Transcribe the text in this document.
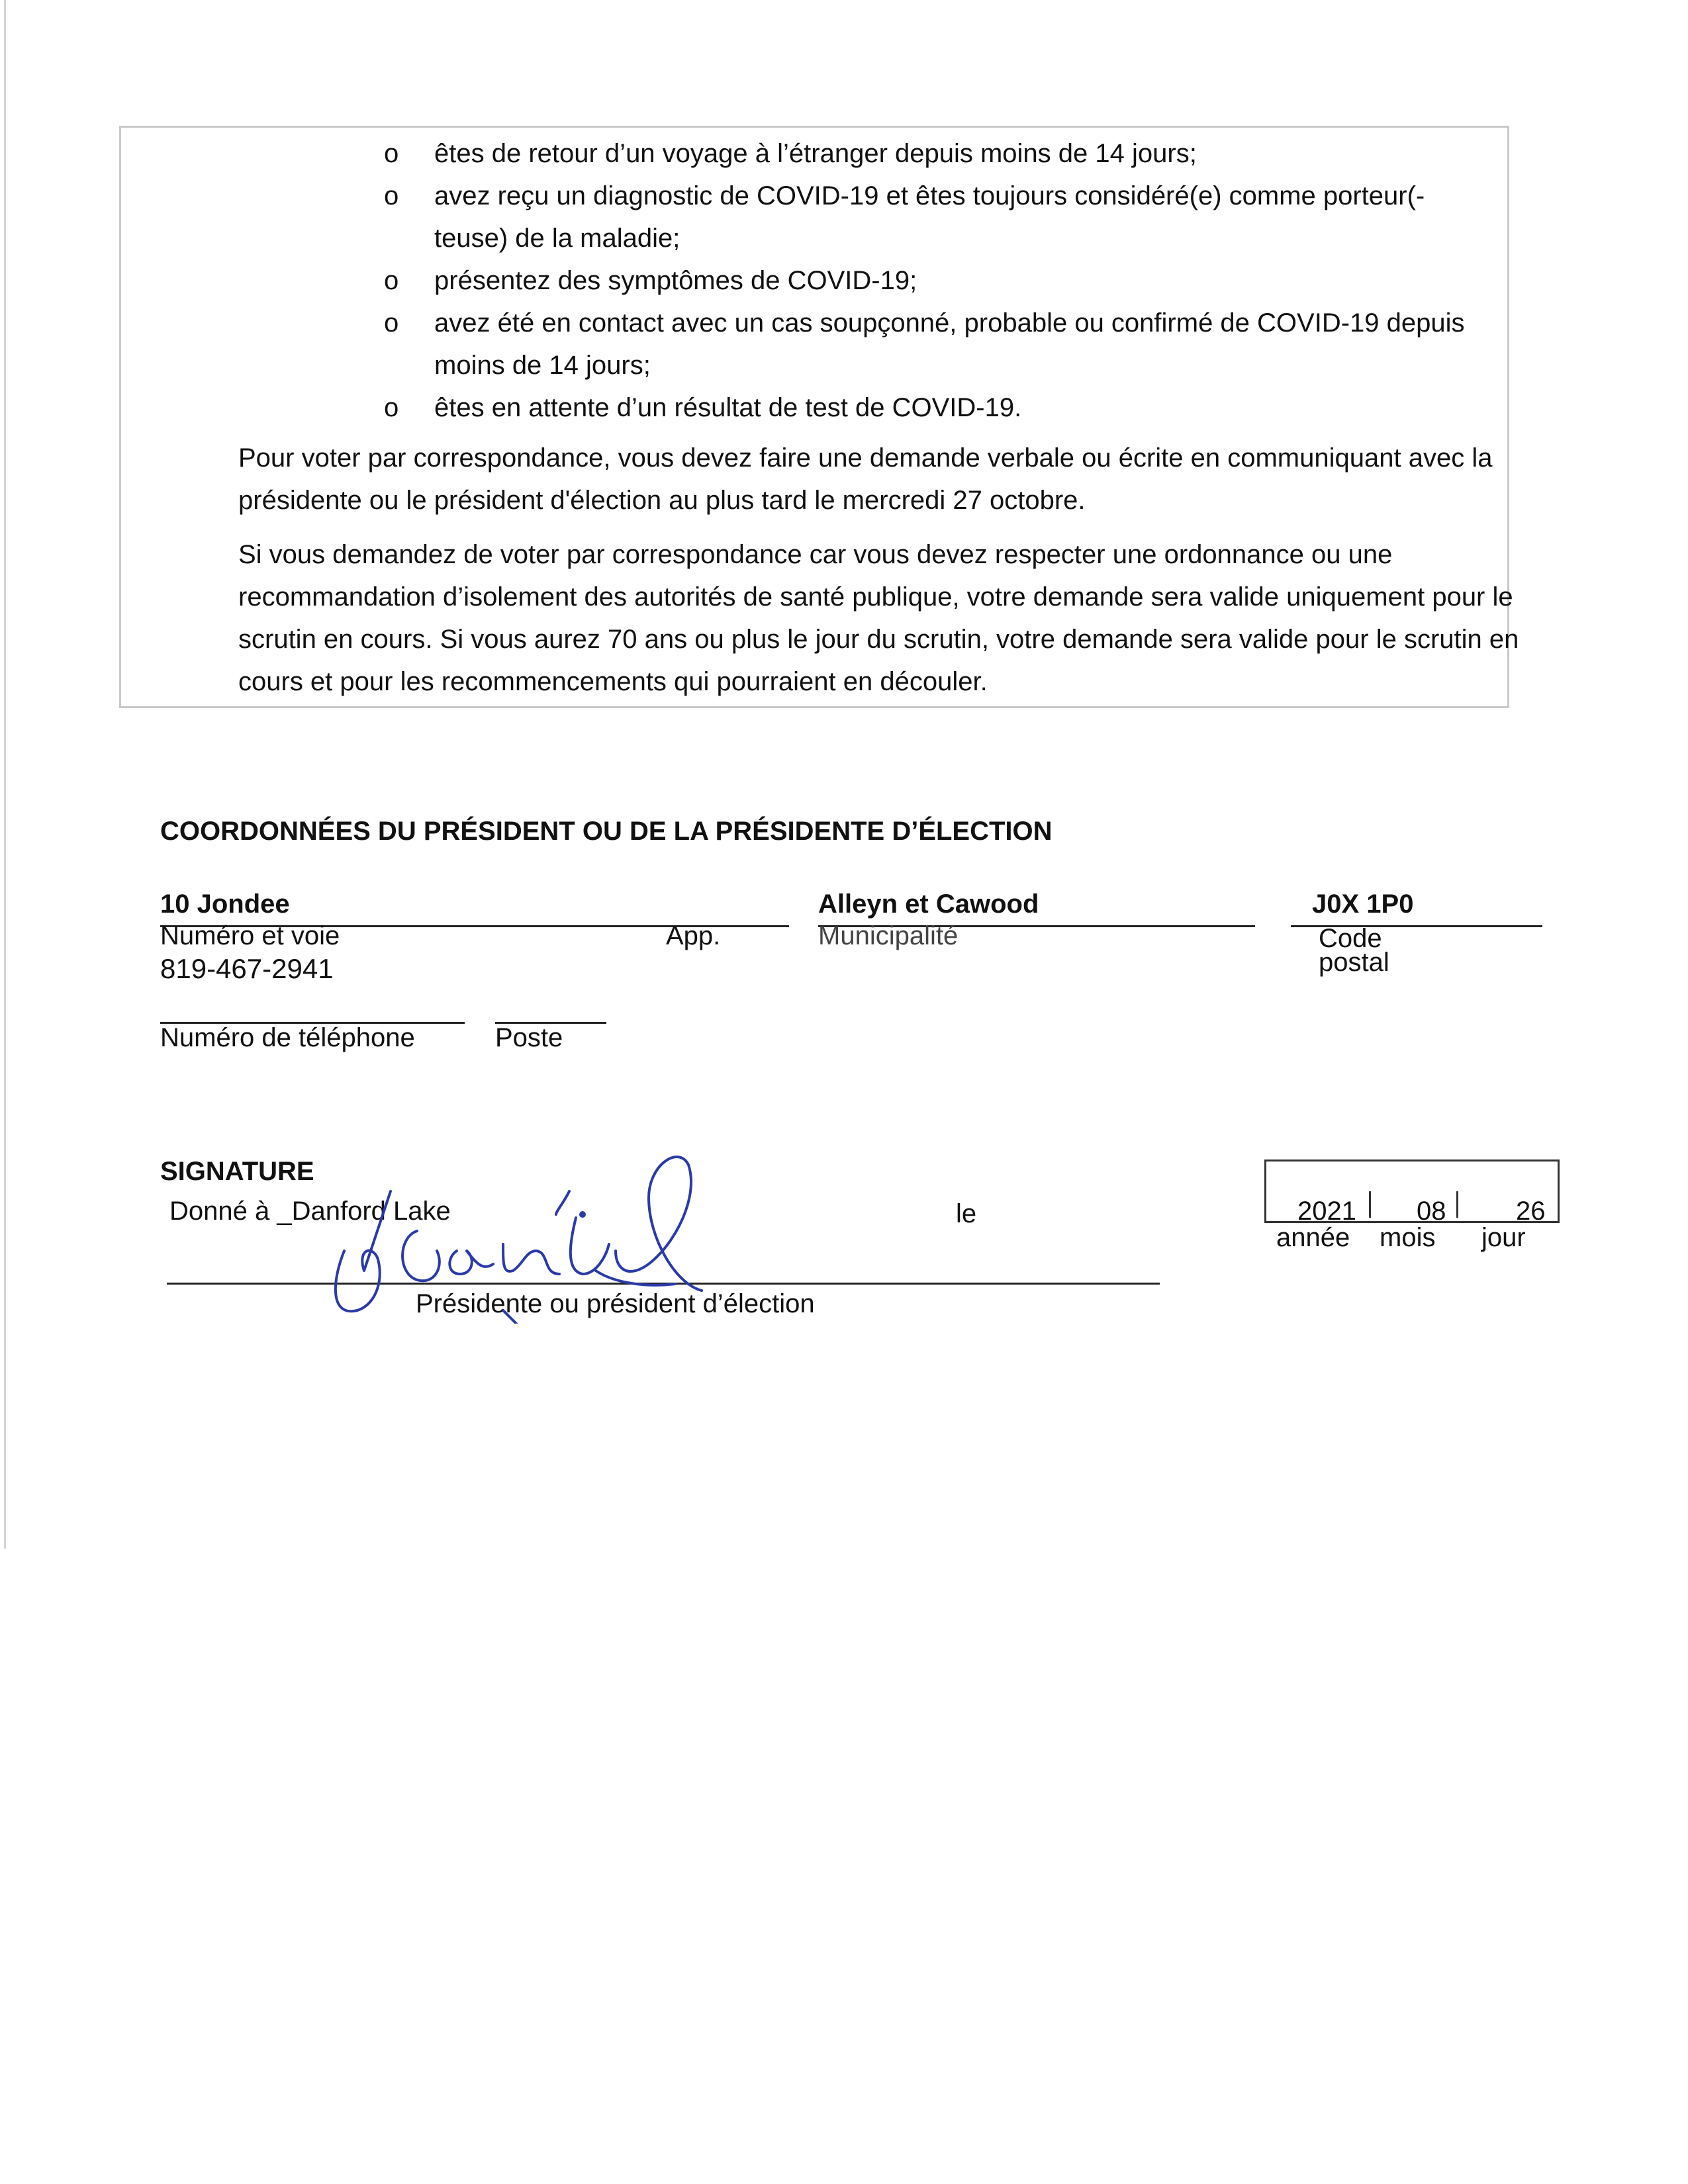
o êtes de retour d’un voyage à l’étranger depuis moins de 14 jours;
o avez reçu un diagnostic de COVID-19 et êtes toujours considéré(e) comme porteur(-teuse) de la maladie;
o présentez des symptômes de COVID-19;
o avez été en contact avec un cas soupçonné, probable ou confirmé de COVID-19 depuis moins de 14 jours;
o êtes en attente d’un résultat de test de COVID-19.

Pour voter par correspondance, vous devez faire une demande verbale ou écrite en communiquant avec la présidente ou le président d'élection au plus tard le mercredi 27 octobre.

Si vous demandez de voter par correspondance car vous devez respecter une ordonnance ou une recommandation d’isolement des autorités de santé publique, votre demande sera valide uniquement pour le scrutin en cours. Si vous aurez 70 ans ou plus le jour du scrutin, votre demande sera valide pour le scrutin en cours et pour les recommencements qui pourraient en découler.

COORDONNÉES DU PRÉSIDENT OU DE LA PRÉSIDENTE D’ÉLECTION
10 Jondee
Numéro et voie	App.
Alleyn et Cawood
Municipalité
J0X 1P0
Code
postal
819-467-2941
Numéro de téléphone	Poste
SIGNATURE
Donné à _Danford Lake	le
Présidente ou président d’élection
2021 08	26
année mois jour
